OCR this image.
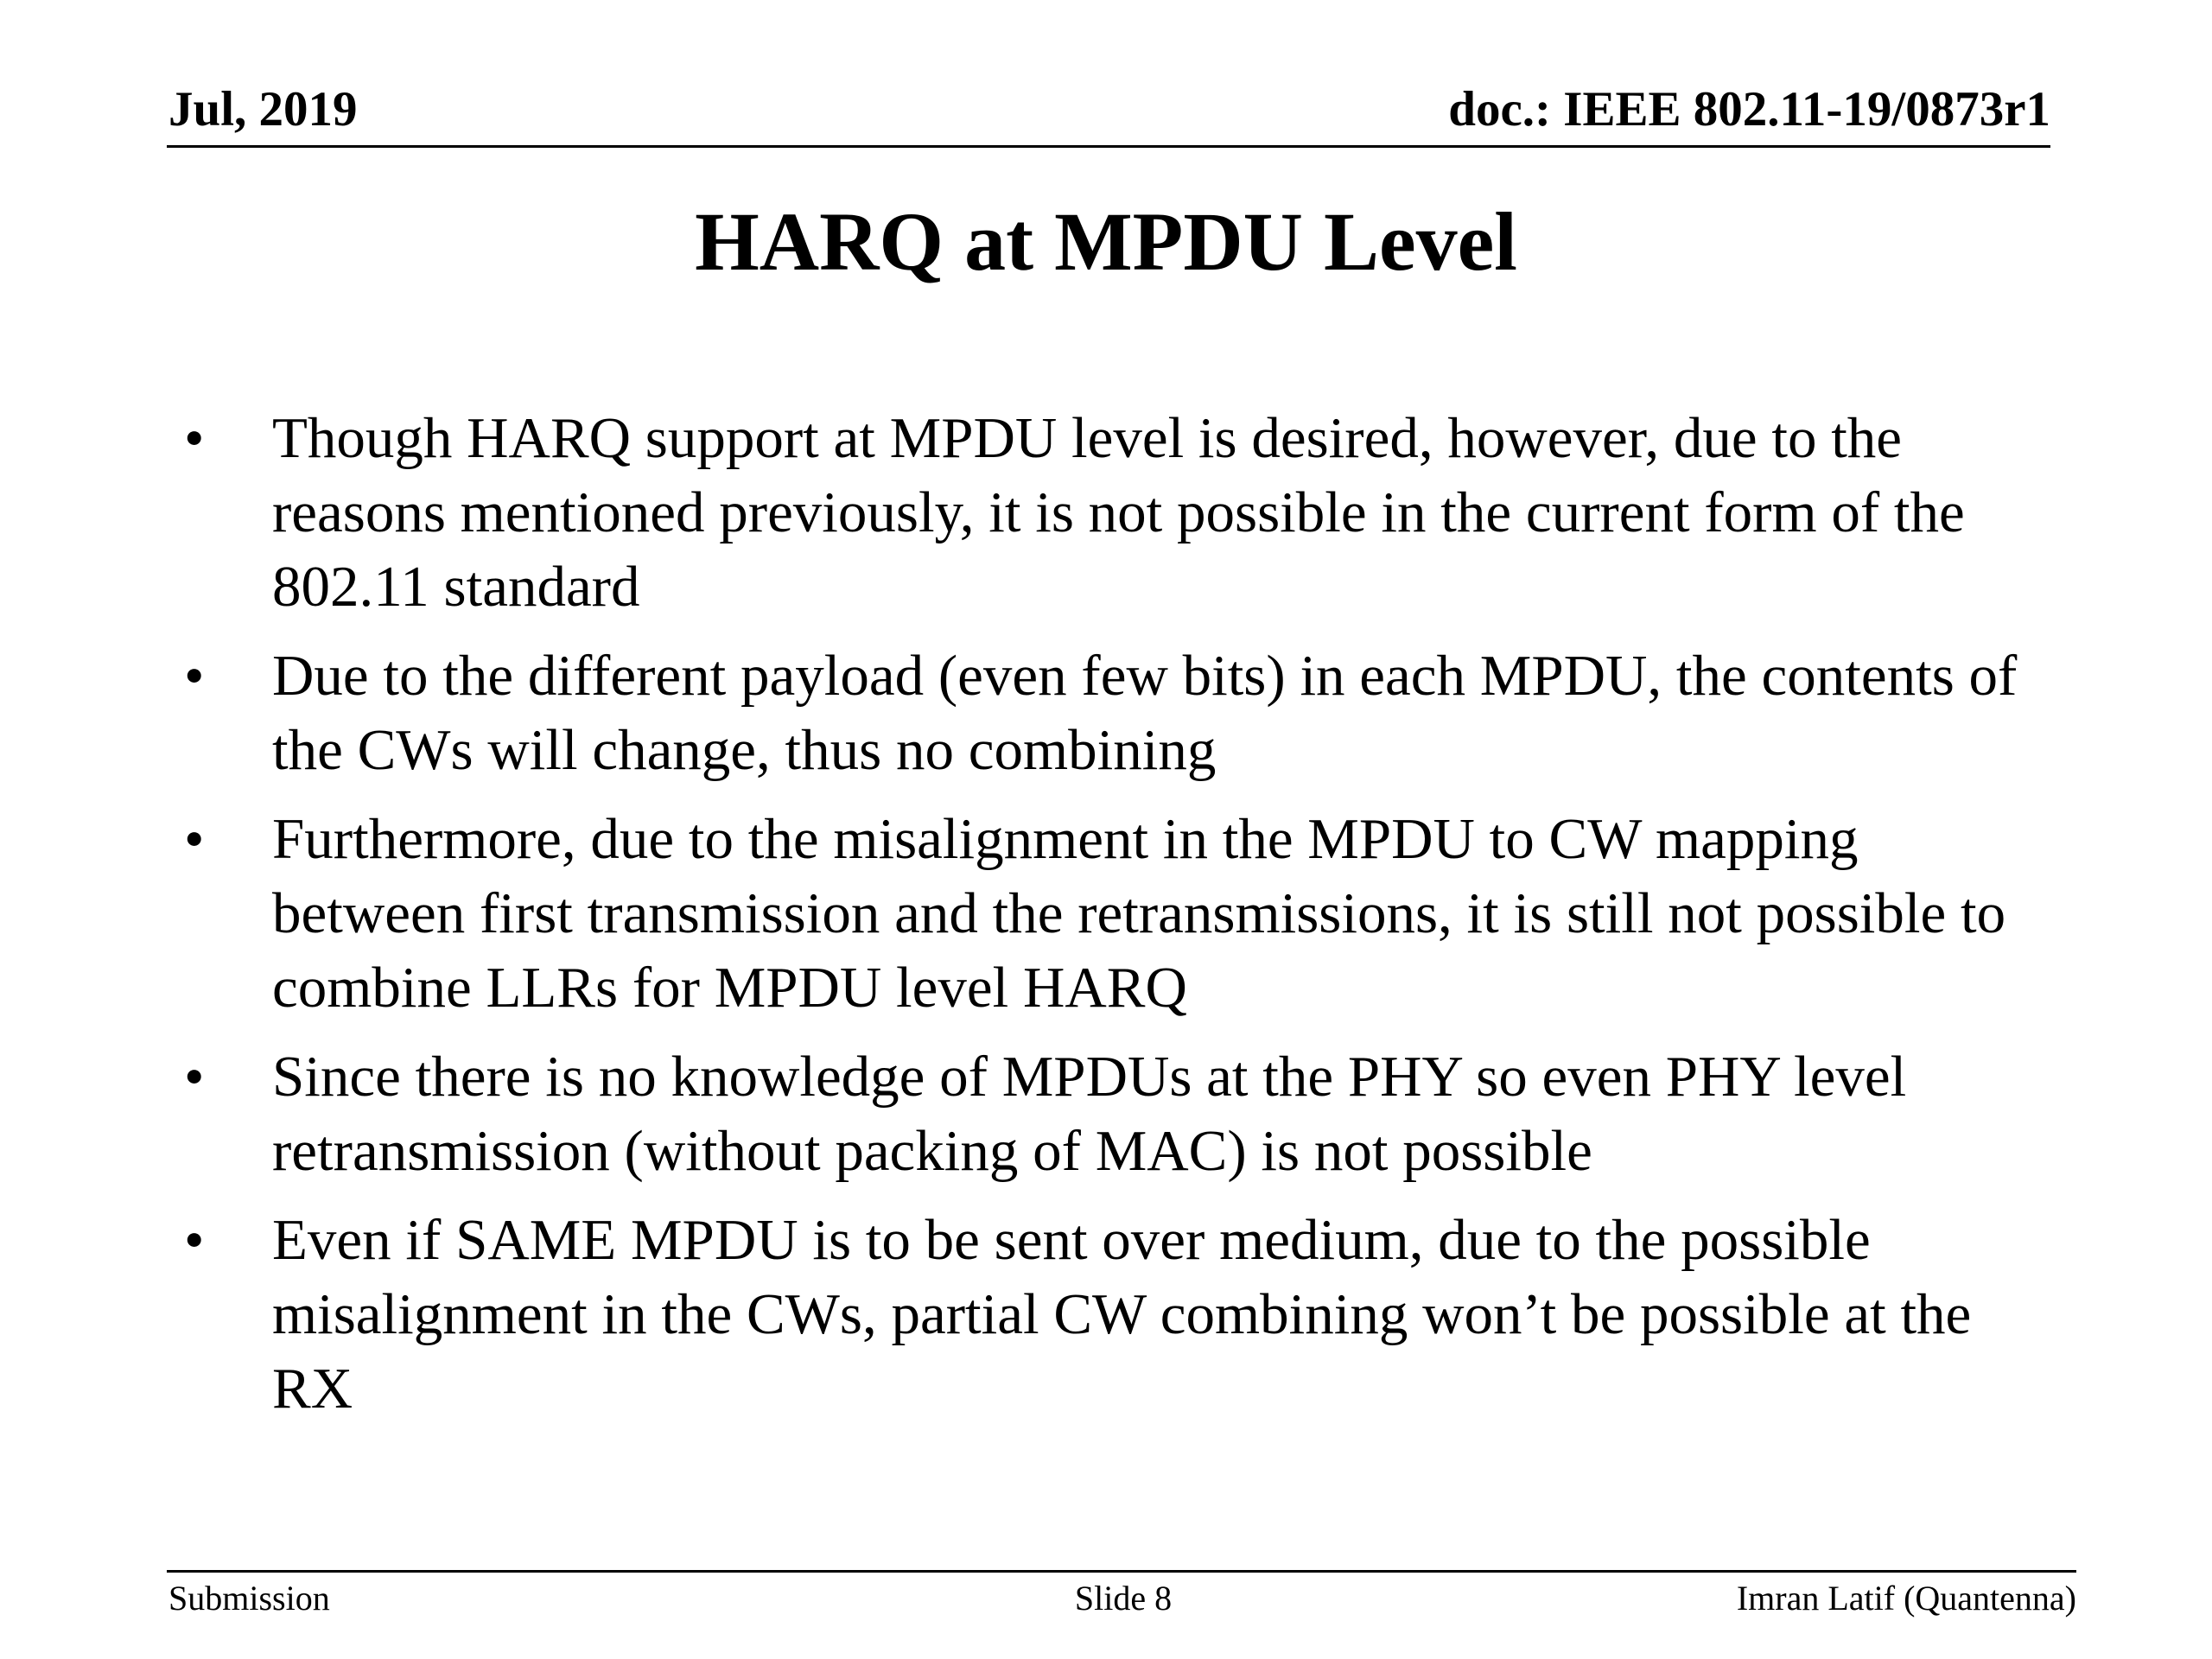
Jul, 2019	doc.: IEEE 802.11-19/0873r1
HARQ at MPDU Level
• Though HARQ support at MPDU level is desired, however, due to the reasons mentioned previously, it is not possible in the current form of the 802.11 standard
• Due to the different payload (even few bits) in each MPDU, the contents of the CWs will change, thus no combining
• Furthermore, due to the misalignment in the MPDU to CW mapping between first transmission and the retransmissions, it is still not possible to combine LLRs for MPDU level HARQ
• Since there is no knowledge of MPDUs at the PHY so even PHY level retransmission (without packing of MAC) is not possible
• Even if SAME MPDU is to be sent over medium, due to the possible misalignment in the CWs, partial CW combining won’t be possible at the RX
Submission	Slide 8	Imran Latif (Quantenna)
